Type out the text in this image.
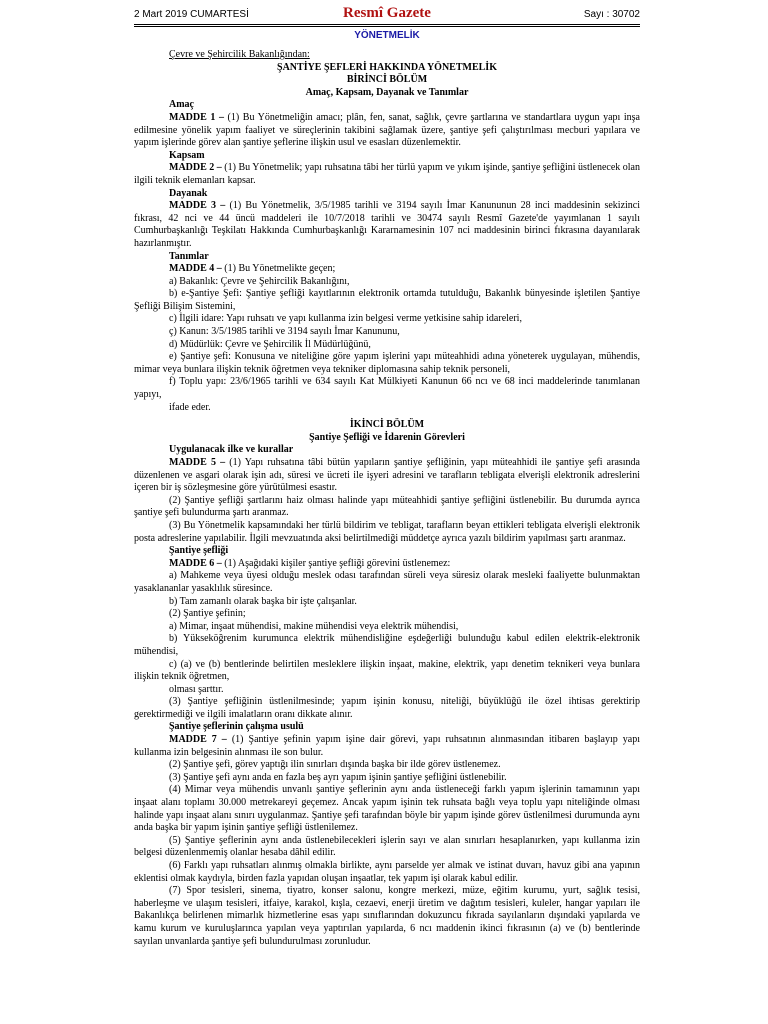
2 Mart 2019 CUMARTESİ	Resmî Gazete	Sayı : 30702
YÖNETMELİK

Çevre ve Şehircilik Bakanlığından:

ŞANTİYE ŞEFLERİ HAKKINDA YÖNETMELİK

BİRİNCİ BÖLÜM

Amaç, Kapsam, Dayanak ve Tanımlar

Amaç

MADDE 1 – (1) Bu Yönetmeliğin amacı; plân, fen, sanat, sağlık, çevre şartlarına ve standartlara uygun yapı inşa edilmesine yönelik yapım faaliyet ve süreçlerinin takibini sağlamak üzere, şantiye şefi çalıştırılması mecburi yapılara ve yapım işlerinde görev alan şantiye şeflerine ilişkin usul ve esasları düzenlemektir.

Kapsam

MADDE 2 – (1) Bu Yönetmelik; yapı ruhsatına tâbi her türlü yapım ve yıkım işinde, şantiye şefliğini üstlenecek olan ilgili teknik elemanları kapsar.

Dayanak

MADDE 3 – (1) Bu Yönetmelik, 3/5/1985 tarihli ve 3194 sayılı İmar Kanununun 28 inci maddesinin sekizinci fıkrası, 42 nci ve 44 üncü maddeleri ile 10/7/2018 tarihli ve 30474 sayılı Resmî Gazete'de yayımlanan 1 sayılı Cumhurbaşkanlığı Teşkilatı Hakkında Cumhurbaşkanlığı Kararnamesinin 107 nci maddesinin birinci fıkrasına dayanılarak hazırlanmıştır.

Tanımlar

MADDE 4 – (1) Bu Yönetmelikte geçen;

a) Bakanlık: Çevre ve Şehircilik Bakanlığını,

b) e-Şantiye Şefi: Şantiye şefliği kayıtlarının elektronik ortamda tutulduğu, Bakanlık bünyesinde işletilen Şantiye Şefliği Bilişim Sistemini,

c) İlgili idare: Yapı ruhsatı ve yapı kullanma izin belgesi verme yetkisine sahip idareleri,

ç) Kanun: 3/5/1985 tarihli ve 3194 sayılı İmar Kanununu,

d) Müdürlük: Çevre ve Şehircilik İl Müdürlüğünü,

e) Şantiye şefi: Konusuna ve niteliğine göre yapım işlerini yapı müteahhidi adına yöneterek uygulayan, mühendis, mimar veya bunlara ilişkin teknik öğretmen veya tekniker diplomasına sahip teknik personeli,

f) Toplu yapı: 23/6/1965 tarihli ve 634 sayılı Kat Mülkiyeti Kanunun 66 ncı ve 68 inci maddelerinde tanımlanan yapıyı,

ifade eder.

İKİNCİ BÖLÜM

Şantiye Şefliği ve İdarenin Görevleri

Uygulanacak ilke ve kurallar

MADDE 5 – (1) Yapı ruhsatına tâbi bütün yapıların şantiye şefliğinin, yapı müteahhidi ile şantiye şefi arasında düzenlenen ve asgari olarak işin adı, süresi ve ücreti ile işyeri adresini ve tarafların tebligata elverişli elektronik adreslerini içeren bir iş sözleşmesine göre yürütülmesi esastır.

(2) Şantiye şefliği şartlarını haiz olması halinde yapı müteahhidi şantiye şefliğini üstlenebilir. Bu durumda ayrıca şantiye şefi bulundurma şartı aranmaz.

(3) Bu Yönetmelik kapsamındaki her türlü bildirim ve tebligat, tarafların beyan ettikleri tebligata elverişli elektronik posta adreslerine yapılabilir. İlgili mevzuatında aksi belirtilmediği müddetçe ayrıca yazılı bildirim yapılması şartı aranmaz.

Şantiye şefliği

MADDE 6 – (1) Aşağıdaki kişiler şantiye şefliği görevini üstlenemez:

a) Mahkeme veya üyesi olduğu meslek odası tarafından süreli veya süresiz olarak mesleki faaliyette bulunmaktan yasaklananlar yasaklılık süresince.

b) Tam zamanlı olarak başka bir işte çalışanlar.

(2) Şantiye şefinin;

a) Mimar, inşaat mühendisi, makine mühendisi veya elektrik mühendisi,

b) Yükseköğrenim kurumunca elektrik mühendisliğine eşdeğerliği bulunduğu kabul edilen elektrik-elektronik mühendisi,

c) (a) ve (b) bentlerinde belirtilen mesleklere ilişkin inşaat, makine, elektrik, yapı denetim teknikeri veya bunlara ilişkin teknik öğretmen,

olması şarttır.

(3) Şantiye şefliğinin üstlenilmesinde; yapım işinin konusu, niteliği, büyüklüğü ile özel ihtisas gerektirip gerektirmediği ve ilgili imalatların oranı dikkate alınır.

Şantiye şeflerinin çalışma usulü

MADDE 7 – (1) Şantiye şefinin yapım işine dair görevi, yapı ruhsatının alınmasından itibaren başlayıp yapı kullanma izin belgesinin alınması ile son bulur.

(2) Şantiye şefi, görev yaptığı ilin sınırları dışında başka bir ilde görev üstlenemez.

(3) Şantiye şefi aynı anda en fazla beş ayrı yapım işinin şantiye şefliğini üstlenebilir.

(4) Mimar veya mühendis unvanlı şantiye şeflerinin aynı anda üstleneceği farklı yapım işlerinin tamamının yapı inşaat alanı toplamı 30.000 metrekareyi geçemez. Ancak yapım işinin tek ruhsata bağlı veya toplu yapı niteliğinde olması halinde yapı inşaat alanı sınırı uygulanmaz. Şantiye şefi tarafından böyle bir yapım işinde görev üstlenilmesi durumunda aynı anda başka bir yapım işinin şantiye şefliği üstlenilemez.

(5) Şantiye şeflerinin aynı anda üstlenebilecekleri işlerin sayı ve alan sınırları hesaplanırken, yapı kullanma izin belgesi düzenlenmemiş olanlar hesaba dâhil edilir.

(6) Farklı yapı ruhsatları alınmış olmakla birlikte, aynı parselde yer almak ve istinat duvarı, havuz gibi ana yapının eklentisi olmak kaydıyla, birden fazla yapıdan oluşan inşaatlar, tek yapım işi olarak kabul edilir.

(7) Spor tesisleri, sinema, tiyatro, konser salonu, kongre merkezi, müze, eğitim kurumu, yurt, sağlık tesisi, haberleşme ve ulaşım tesisleri, itfaiye, karakol, kışla, cezaevi, enerji üretim ve dağıtım tesisleri, kuleler, hangar yapıları ile Bakanlıkça belirlenen mimarlık hizmetlerine esas yapı sınıflarından dokuzuncu fıkrada sayılanların dışındaki yapılarda ve kamu kurum ve kuruluşlarınca yapılan veya yaptırılan yapılarda, 6 ncı maddenin ikinci fıkrasının (a) ve (b) bentlerinde sayılan unvanlarda şantiye şefi bulundurulması zorunludur.
